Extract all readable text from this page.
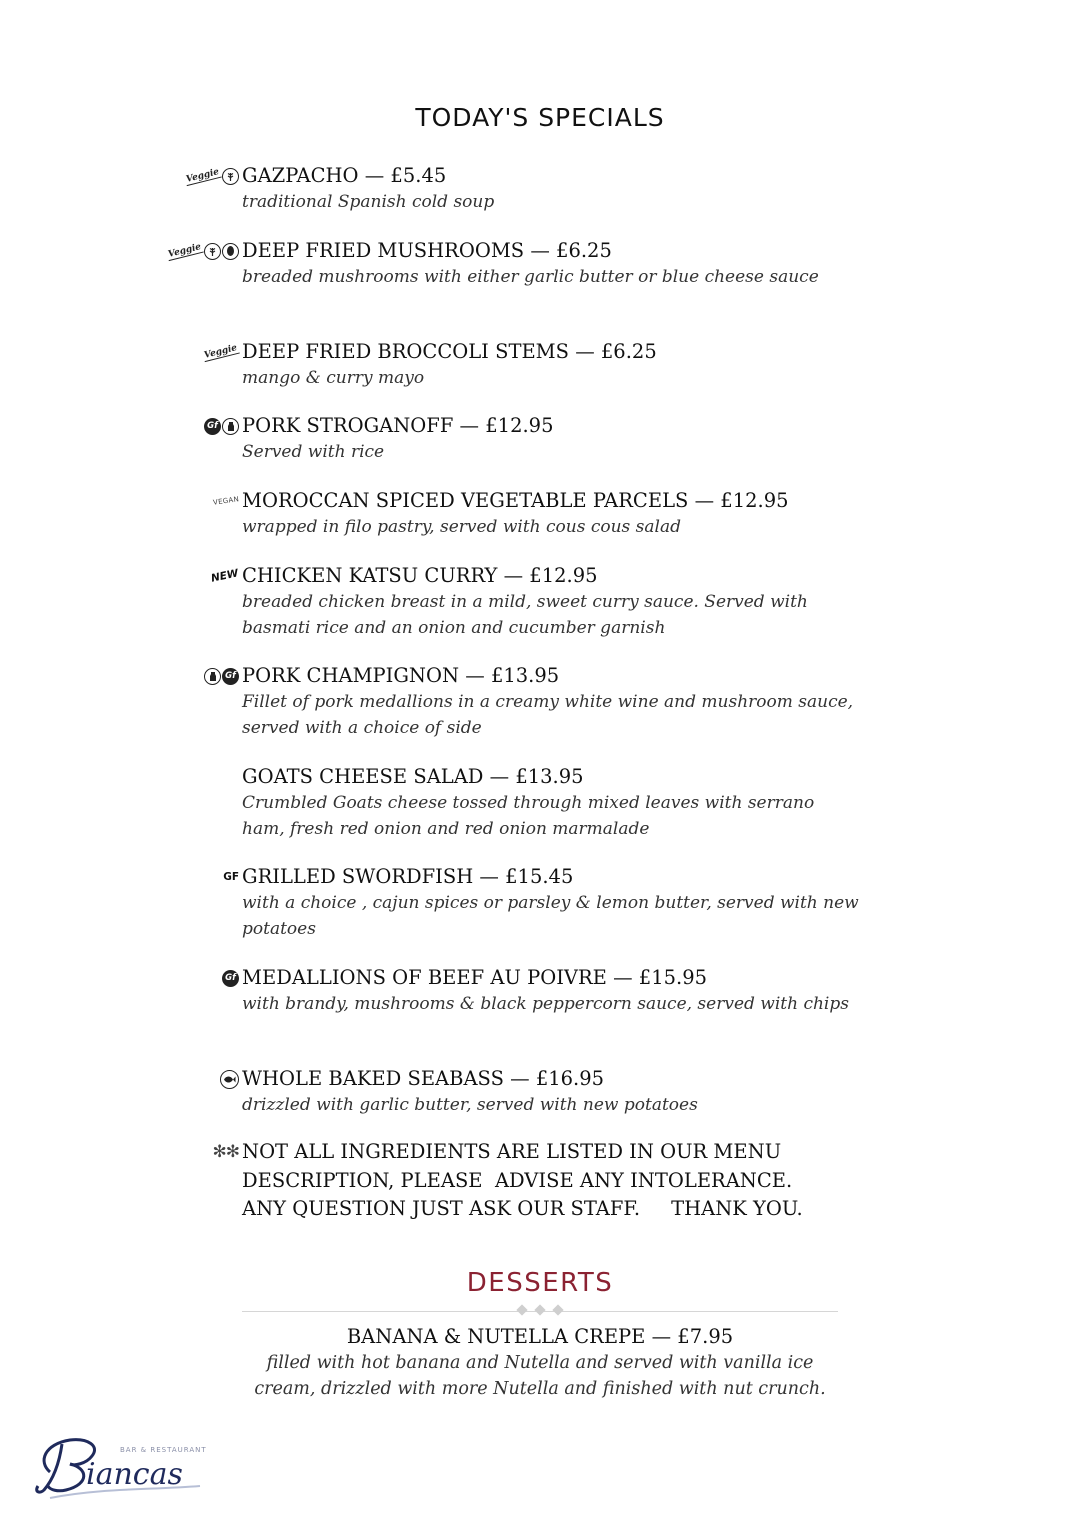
TODAY'S SPECIALS
Veggie GAZPACHO — £5.45
traditional Spanish cold soup
Veggie DEEP FRIED MUSHROOMS — £6.25
breaded mushrooms with either garlic butter or blue cheese sauce
Veggie DEEP FRIED BROCCOLI STEMS — £6.25
mango & curry mayo
Gf PORK STROGANOFF — £12.95
Served with rice
VEGAN MOROCCAN SPICED VEGETABLE PARCELS — £12.95
wrapped in filo pastry, served with cous cous salad
NEW CHICKEN KATSU CURRY — £12.95
breaded chicken breast in a mild, sweet curry sauce. Served with basmati rice and an onion and cucumber garnish
Gf PORK CHAMPIGNON — £13.95
Fillet of pork medallions in a creamy white wine and mushroom sauce, served with a choice of side
GOATS CHEESE SALAD — £13.95
Crumbled Goats cheese tossed through mixed leaves with serrano ham, fresh red onion and red onion marmalade
GF GRILLED SWORDFISH — £15.45
with a choice , cajun spices or parsley & lemon butter, served with new potatoes
Gf MEDALLIONS OF BEEF AU POIVRE — £15.95
with brandy, mushrooms & black peppercorn sauce, served with chips
WHOLE BAKED SEABASS — £16.95
drizzled with garlic butter, served with new potatoes
✻✻ NOT ALL INGREDIENTS ARE LISTED IN OUR MENU
DESCRIPTION, PLEASE  ADVISE ANY INTOLERANCE.
ANY QUESTION JUST ASK OUR STAFF.     THANK YOU.
DESSERTS
BANANA & NUTELLA CREPE — £7.95
filled with hot banana and Nutella and served with vanilla ice
cream, drizzled with more Nutella and finished with nut crunch.
iancas
BAR & RESTAURANT
